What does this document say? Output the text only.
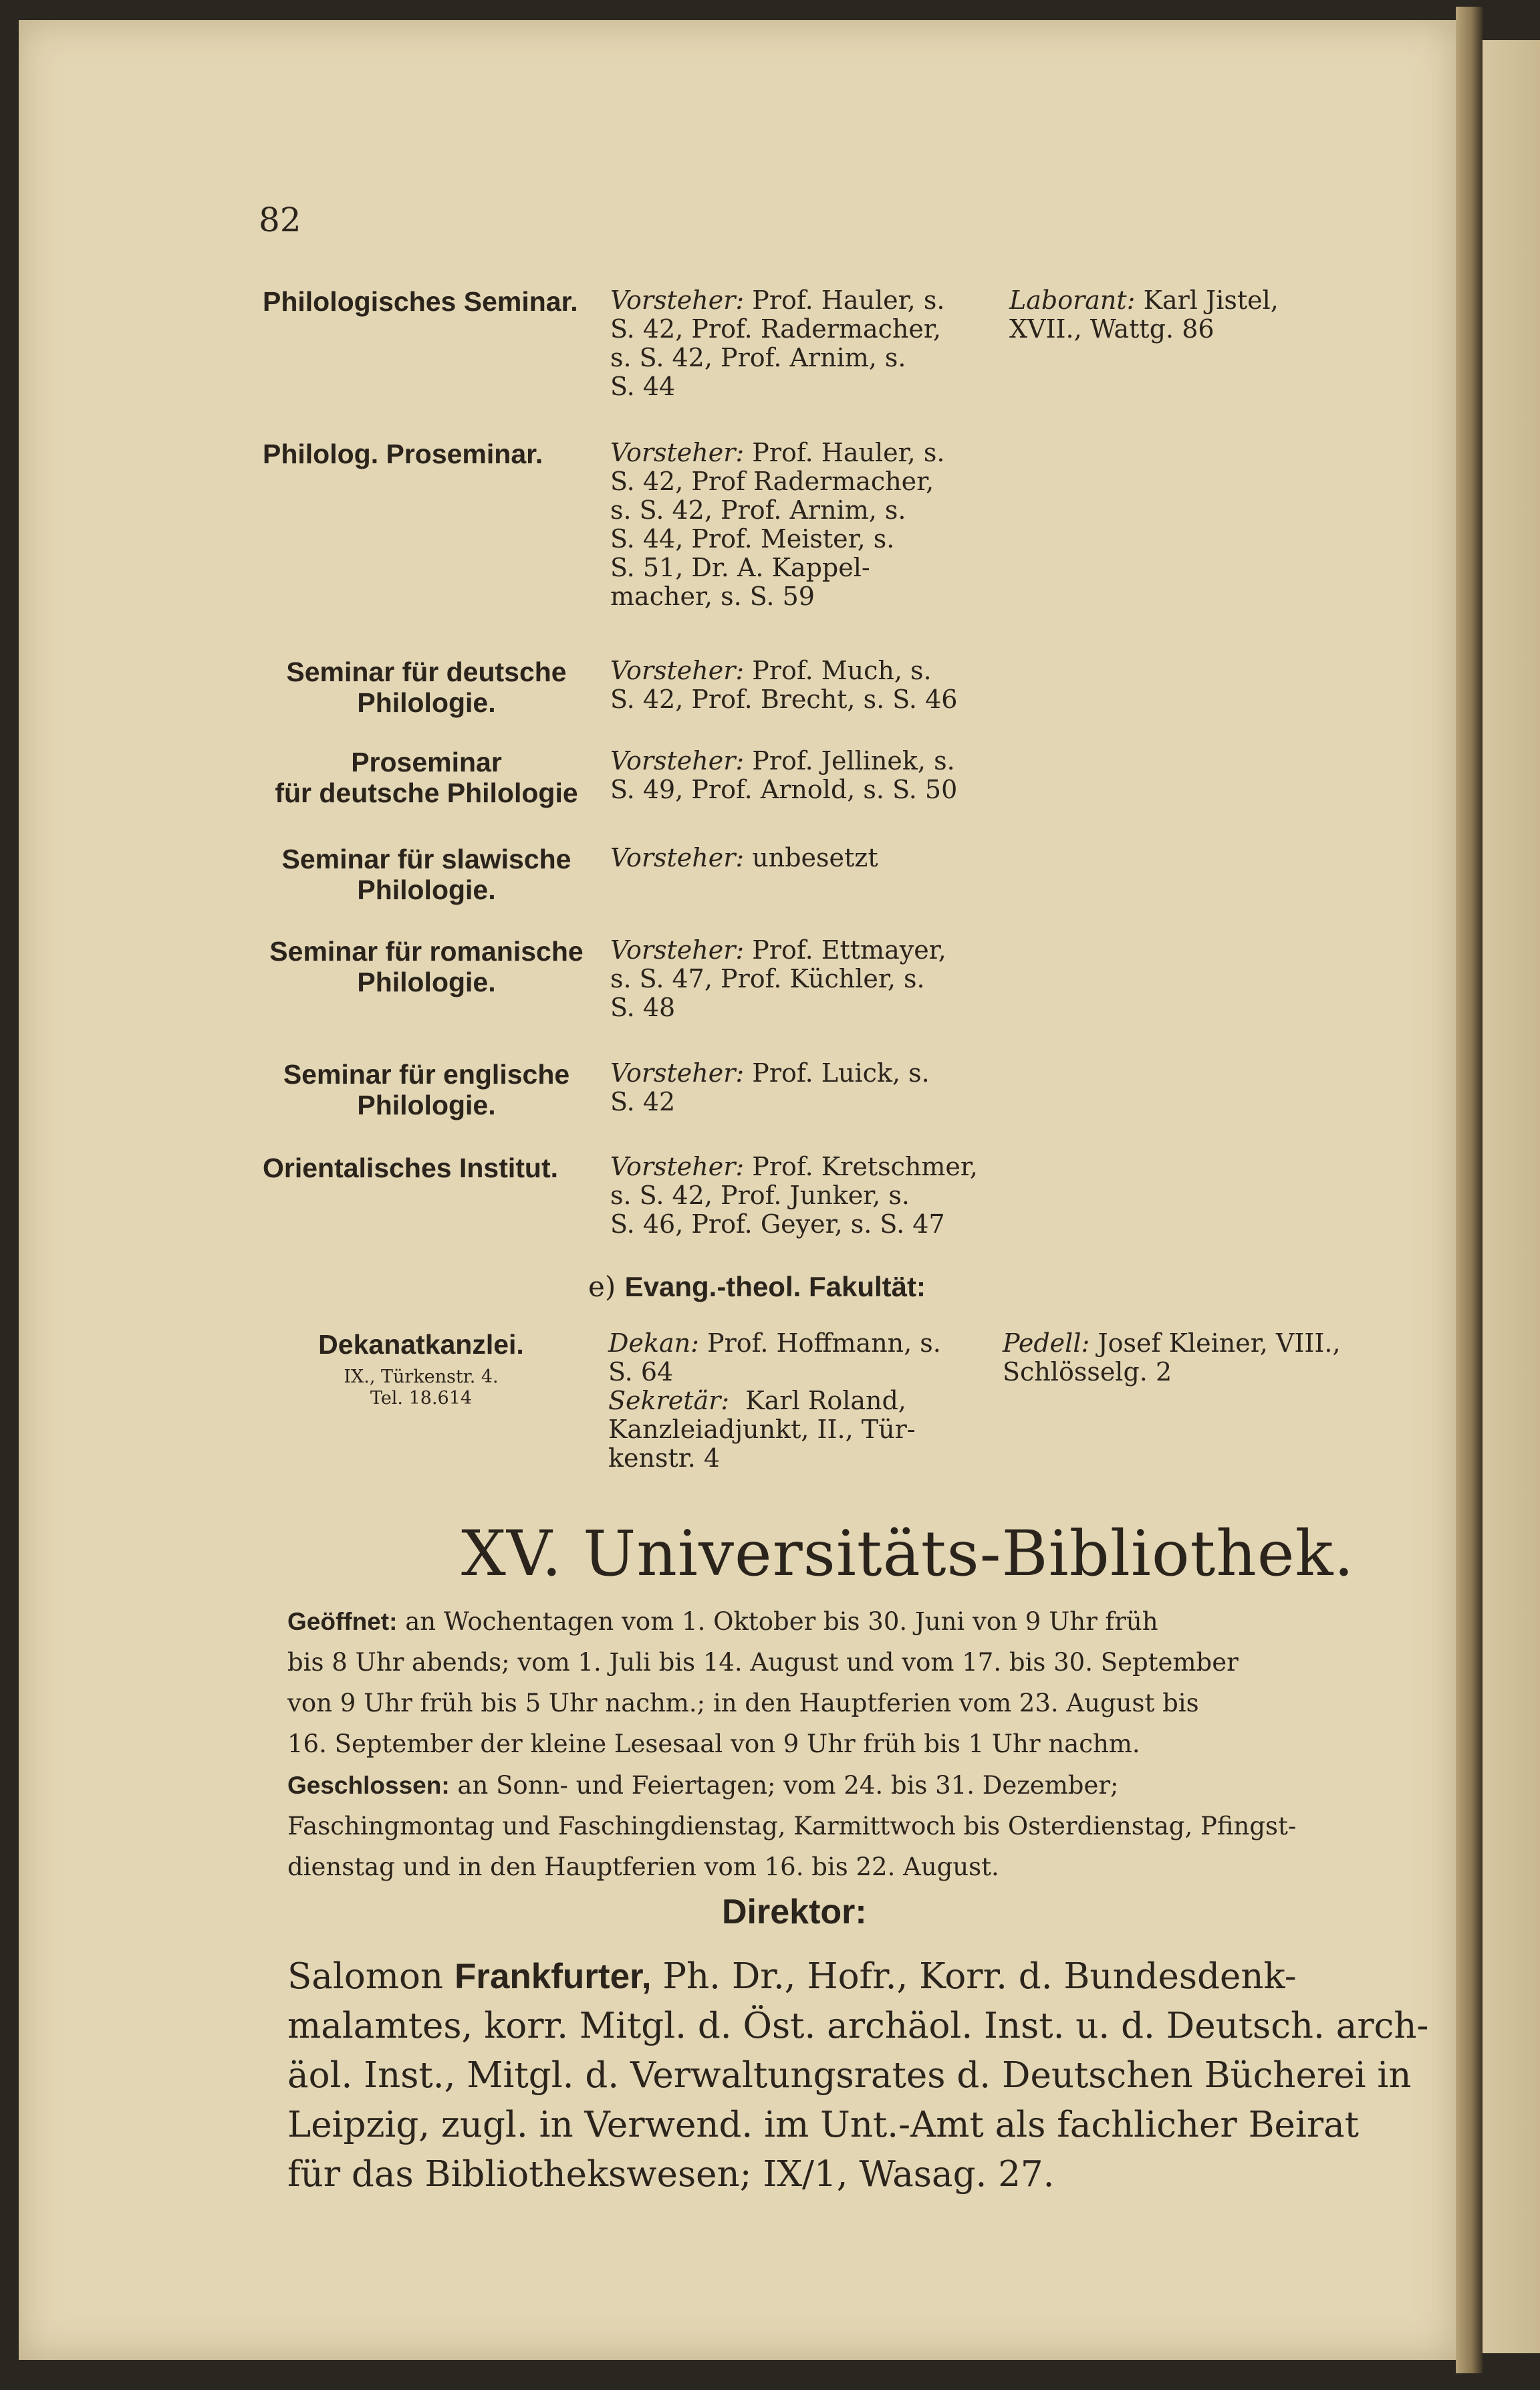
82
Philologisches Seminar. Vorsteher: Prof. Hauler, s.
S. 42, Prof. Radermacher,
s. S. 42, Prof. Arnim, s.
S. 44
Laborant: Karl Jistel,
XVII., Wattg. 86
Philolog. Proseminar.	Vorsteher: Prof. Hauler, s.
S. 42, Prof Radermacher,
s. S. 42, Prof. Arnim, s.
S. 44, Prof. Meister, s.
S. 51, Dr. A. Kappel-
macher, s. S. 59
Seminar für deutsche
Philologie.
Vorsteher: Prof. Much, s.
S. 42, Prof. Brecht, s. S. 46
Proseminar
für deutsche Philologie
Vorsteher: Prof. Jellinek, s.
S. 49, Prof. Arnold, s. S. 50
Seminar für slawische
Philologie.
Vorsteher: unbesetzt
Seminar für romanische
Philologie.
Vorsteher: Prof. Ettmayer,
s. S. 47, Prof. Küchler, s.
S. 48
Seminar für englische
Philologie.
Vorsteher: Prof. Luick, s.
S. 42
Orientalisches Institut. Vorsteher: Prof. Kretschmer,
s. S. 42, Prof. Junker, s.
S. 46, Prof. Geyer, s. S. 47
e) Evang.-theol. Fakultät:
Dekanatkanzlei.
IX., Türkenstr. 4.
Tel. 18.614
Dekan: Prof. Hoffmann, s.
S. 64
Sekretär: Karl Roland,
Kanzleiadjunkt, II., Tür-
kenstr. 4
Pedell: Josef Kleiner, VIII.,
Schlösselg. 2
XV. Universitäts-Bibliothek.
Geöffnet: an Wochentagen vom 1. Oktober bis 30. Juni von 9 Uhr früh
bis 8 Uhr abends; vom 1. Juli bis 14. August und vom 17. bis 30. September
von 9 Uhr früh bis 5 Uhr nachm.; in den Hauptferien vom 23. August bis
16. September der kleine Lesesaal von 9 Uhr früh bis 1 Uhr nachm.
Geschlossen: an Sonn- und Feiertagen; vom 24. bis 31. Dezember;
Faschingmontag und Faschingdienstag, Karmittwoch bis Osterdienstag, Pfingst-
dienstag und in den Hauptferien vom 16. bis 22. August.
Direktor:
Salomon Frankfurter, Ph. Dr., Hofr., Korr. d. Bundesdenk-
malamtes, korr. Mitgl. d. Öst. archäol. Inst. u. d. Deutsch. arch-
äol. Inst., Mitgl. d. Verwaltungsrates d. Deutschen Bücherei in
Leipzig, zugl. in Verwend. im Unt.-Amt als fachlicher Beirat
für das Bibliothekswesen; IX/1, Wasag. 27.
